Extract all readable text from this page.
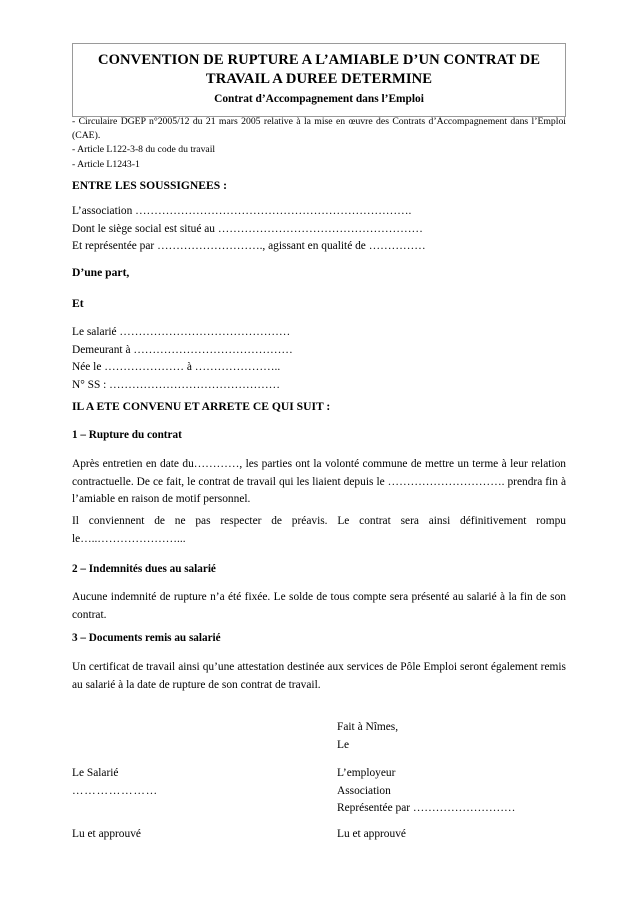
CONVENTION DE RUPTURE A L’AMIABLE D’UN CONTRAT DE TRAVAIL A DUREE DETERMINE
Contrat d’Accompagnement dans l’Emploi
- Circulaire DGEP n°2005/12 du 21 mars 2005 relative à la mise en œuvre des Contrats d’Accompagnement dans l’Emploi (CAE).
- Article L122-3-8 du code du travail
- Article L1243-1
ENTRE LES SOUSSIGNEES :
L’association ……………………………………………………………….
Dont le siège social est situé au ………………………………………………
Et représentée par ………………………., agissant en qualité de ……………
D’une part,
Et
Le salarié ………………………………………
Demeurant à ……………………………………
Née le ………………… à …………………..
N° SS : ………………………………………
IL A ETE CONVENU ET ARRETE CE QUI SUIT :
1 – Rupture du contrat
Après entretien en date du…………, les parties ont la volonté commune de mettre un terme à leur relation contractuelle. De ce fait, le contrat de travail qui les liaient depuis le …………………………. prendra fin à l’amiable en raison de motif personnel.
Il conviennent de ne pas respecter de préavis. Le contrat sera ainsi définitivement rompu le…..…………………...
2 – Indemnités dues au salarié
Aucune indemnité de rupture n’a été fixée. Le solde de tous compte sera présenté au salarié à la fin de son contrat.
3 – Documents remis au salarié
Un certificat de travail ainsi qu’une attestation destinée aux services de Pôle Emploi seront également remis au salarié à la date de rupture de son contrat de travail.
Fait à Nîmes,
Le
Le Salarié
…………………
L’employeur
Association
Représentée par ………………………
Lu et approuvé	Lu et approuvé
